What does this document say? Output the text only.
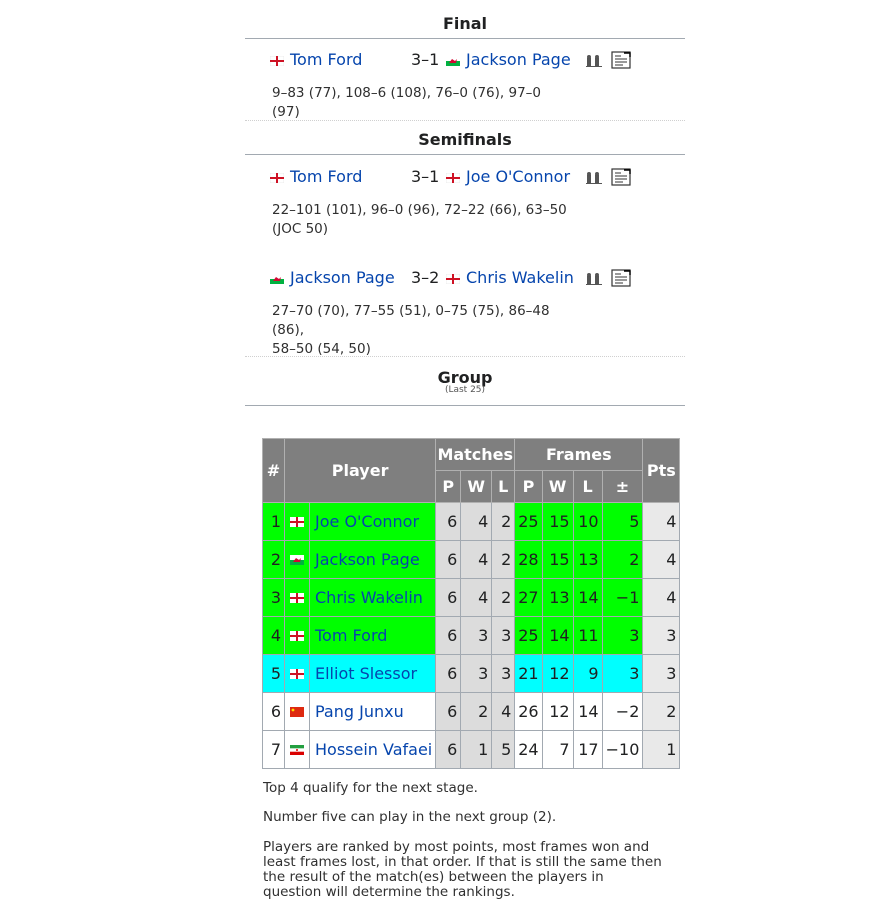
Final
Tom Ford	3–1	Jackson Page
9–83 (77), 108–6 (108), 76–0 (76), 97–0 (97)
Semifinals
Tom Ford	3–1	Joe O'Connor
22–101 (101), 96–0 (96), 72–22 (66), 63–50
(JOC 50)
Jackson Page 3–2	Chris Wakelin
27–70 (70), 77–55 (51), 0–75 (75), 86–48 (86),
58–50 (54, 50)
Group
(Last 25)
#	Player		Matches			Frames				Pts
			P	W	L	P	W	L	±	
1		Joe O'Connor	6	4	2	25	15	10	5	4
2		Jackson Page	6	4	2	28	15	13	2	4
3		Chris Wakelin	6	4	2	27	13	14	−1	4
4		Tom Ford	6	3	3	25	14	11	3	3
5		Elliot Slessor	6	3	3	21	12	9	3	3
6		Pang Junxu	6	2	4	26	12	14	−2	2
7		Hossein Vafaei	6	1	5	24	7	17	−10	1
Top 4 qualify for the next stage.
Number five can play in the next group (2).
Players are ranked by most points, most frames won and least frames lost, in that order. If that is still the same then the result of the match(es) between the players in question will determine the rankings.
